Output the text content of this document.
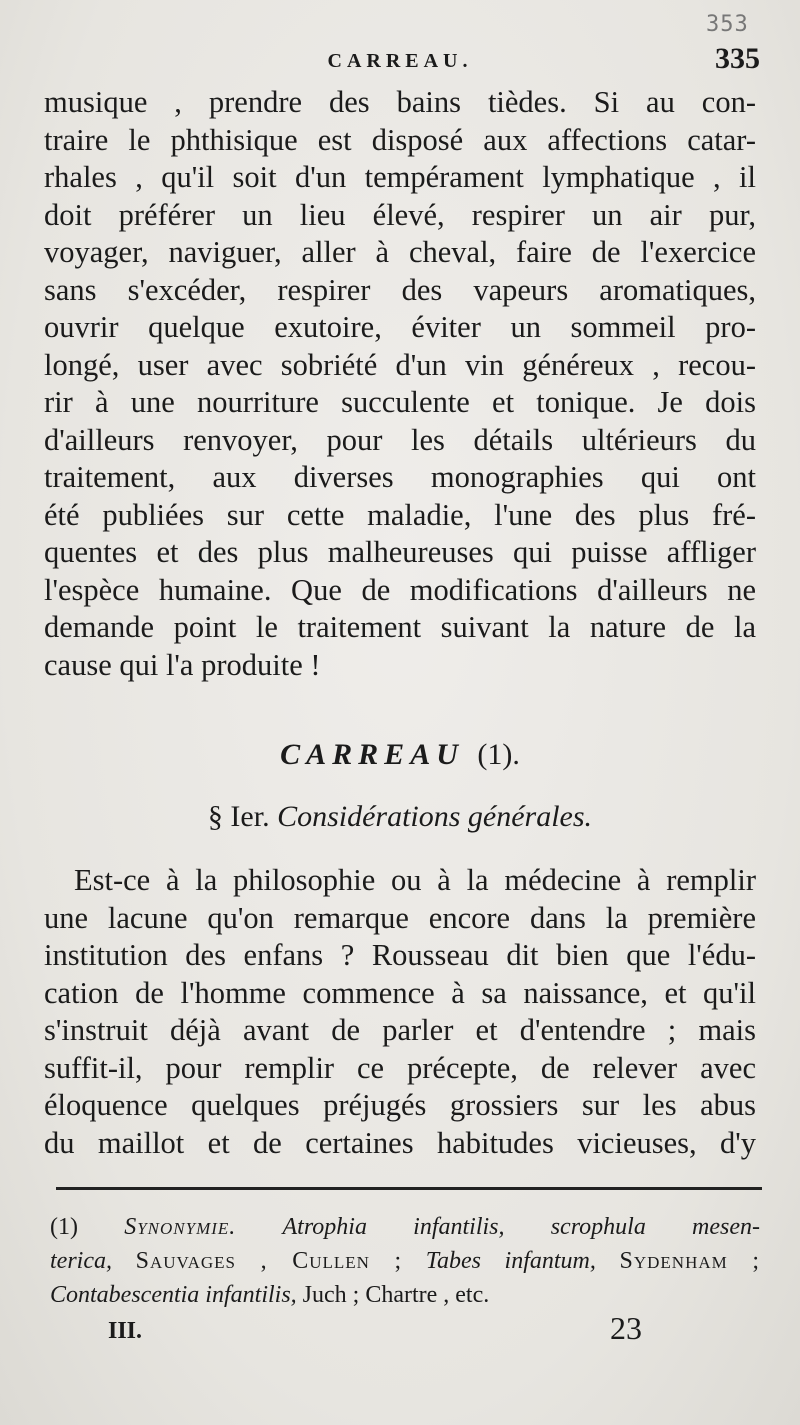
353
CARREAU.	335
musique , prendre des bains tièdes. Si au con-
traire le phthisique est disposé aux affections catar-
rhales , qu'il soit d'un tempérament lymphatique , il
doit préférer un lieu élevé, respirer un air pur,
voyager, naviguer, aller à cheval, faire de l'exercice
sans s'excéder, respirer des vapeurs aromatiques,
ouvrir quelque exutoire, éviter un sommeil pro-
longé, user avec sobriété d'un vin généreux , recou-
rir à une nourriture succulente et tonique. Je dois
d'ailleurs renvoyer, pour les détails ultérieurs du
traitement, aux diverses monographies qui ont
été publiées sur cette maladie, l'une des plus fré-
quentes et des plus malheureuses qui puisse affliger
l'espèce humaine. Que de modifications d'ailleurs ne
demande point le traitement suivant la nature de la
cause qui l'a produite !
CARREAU (1).
§ Ier. Considérations générales.
Est-ce à la philosophie ou à la médecine à remplir
une lacune qu'on remarque encore dans la première
institution des enfans ? Rousseau dit bien que l'édu-
cation de l'homme commence à sa naissance, et qu'il
s'instruit déjà avant de parler et d'entendre ; mais
suffit-il, pour remplir ce précepte, de relever avec
éloquence quelques préjugés grossiers sur les abus
du maillot et de certaines habitudes vicieuses, d'y
(1) Synonymie. Atrophia infantilis, scrophula mesen-
terica, Sauvages , Cullen ; Tabes infantum, Sydenham ;
Contabescentia infantilis, Juch ; Chartre , etc.
III.	23
